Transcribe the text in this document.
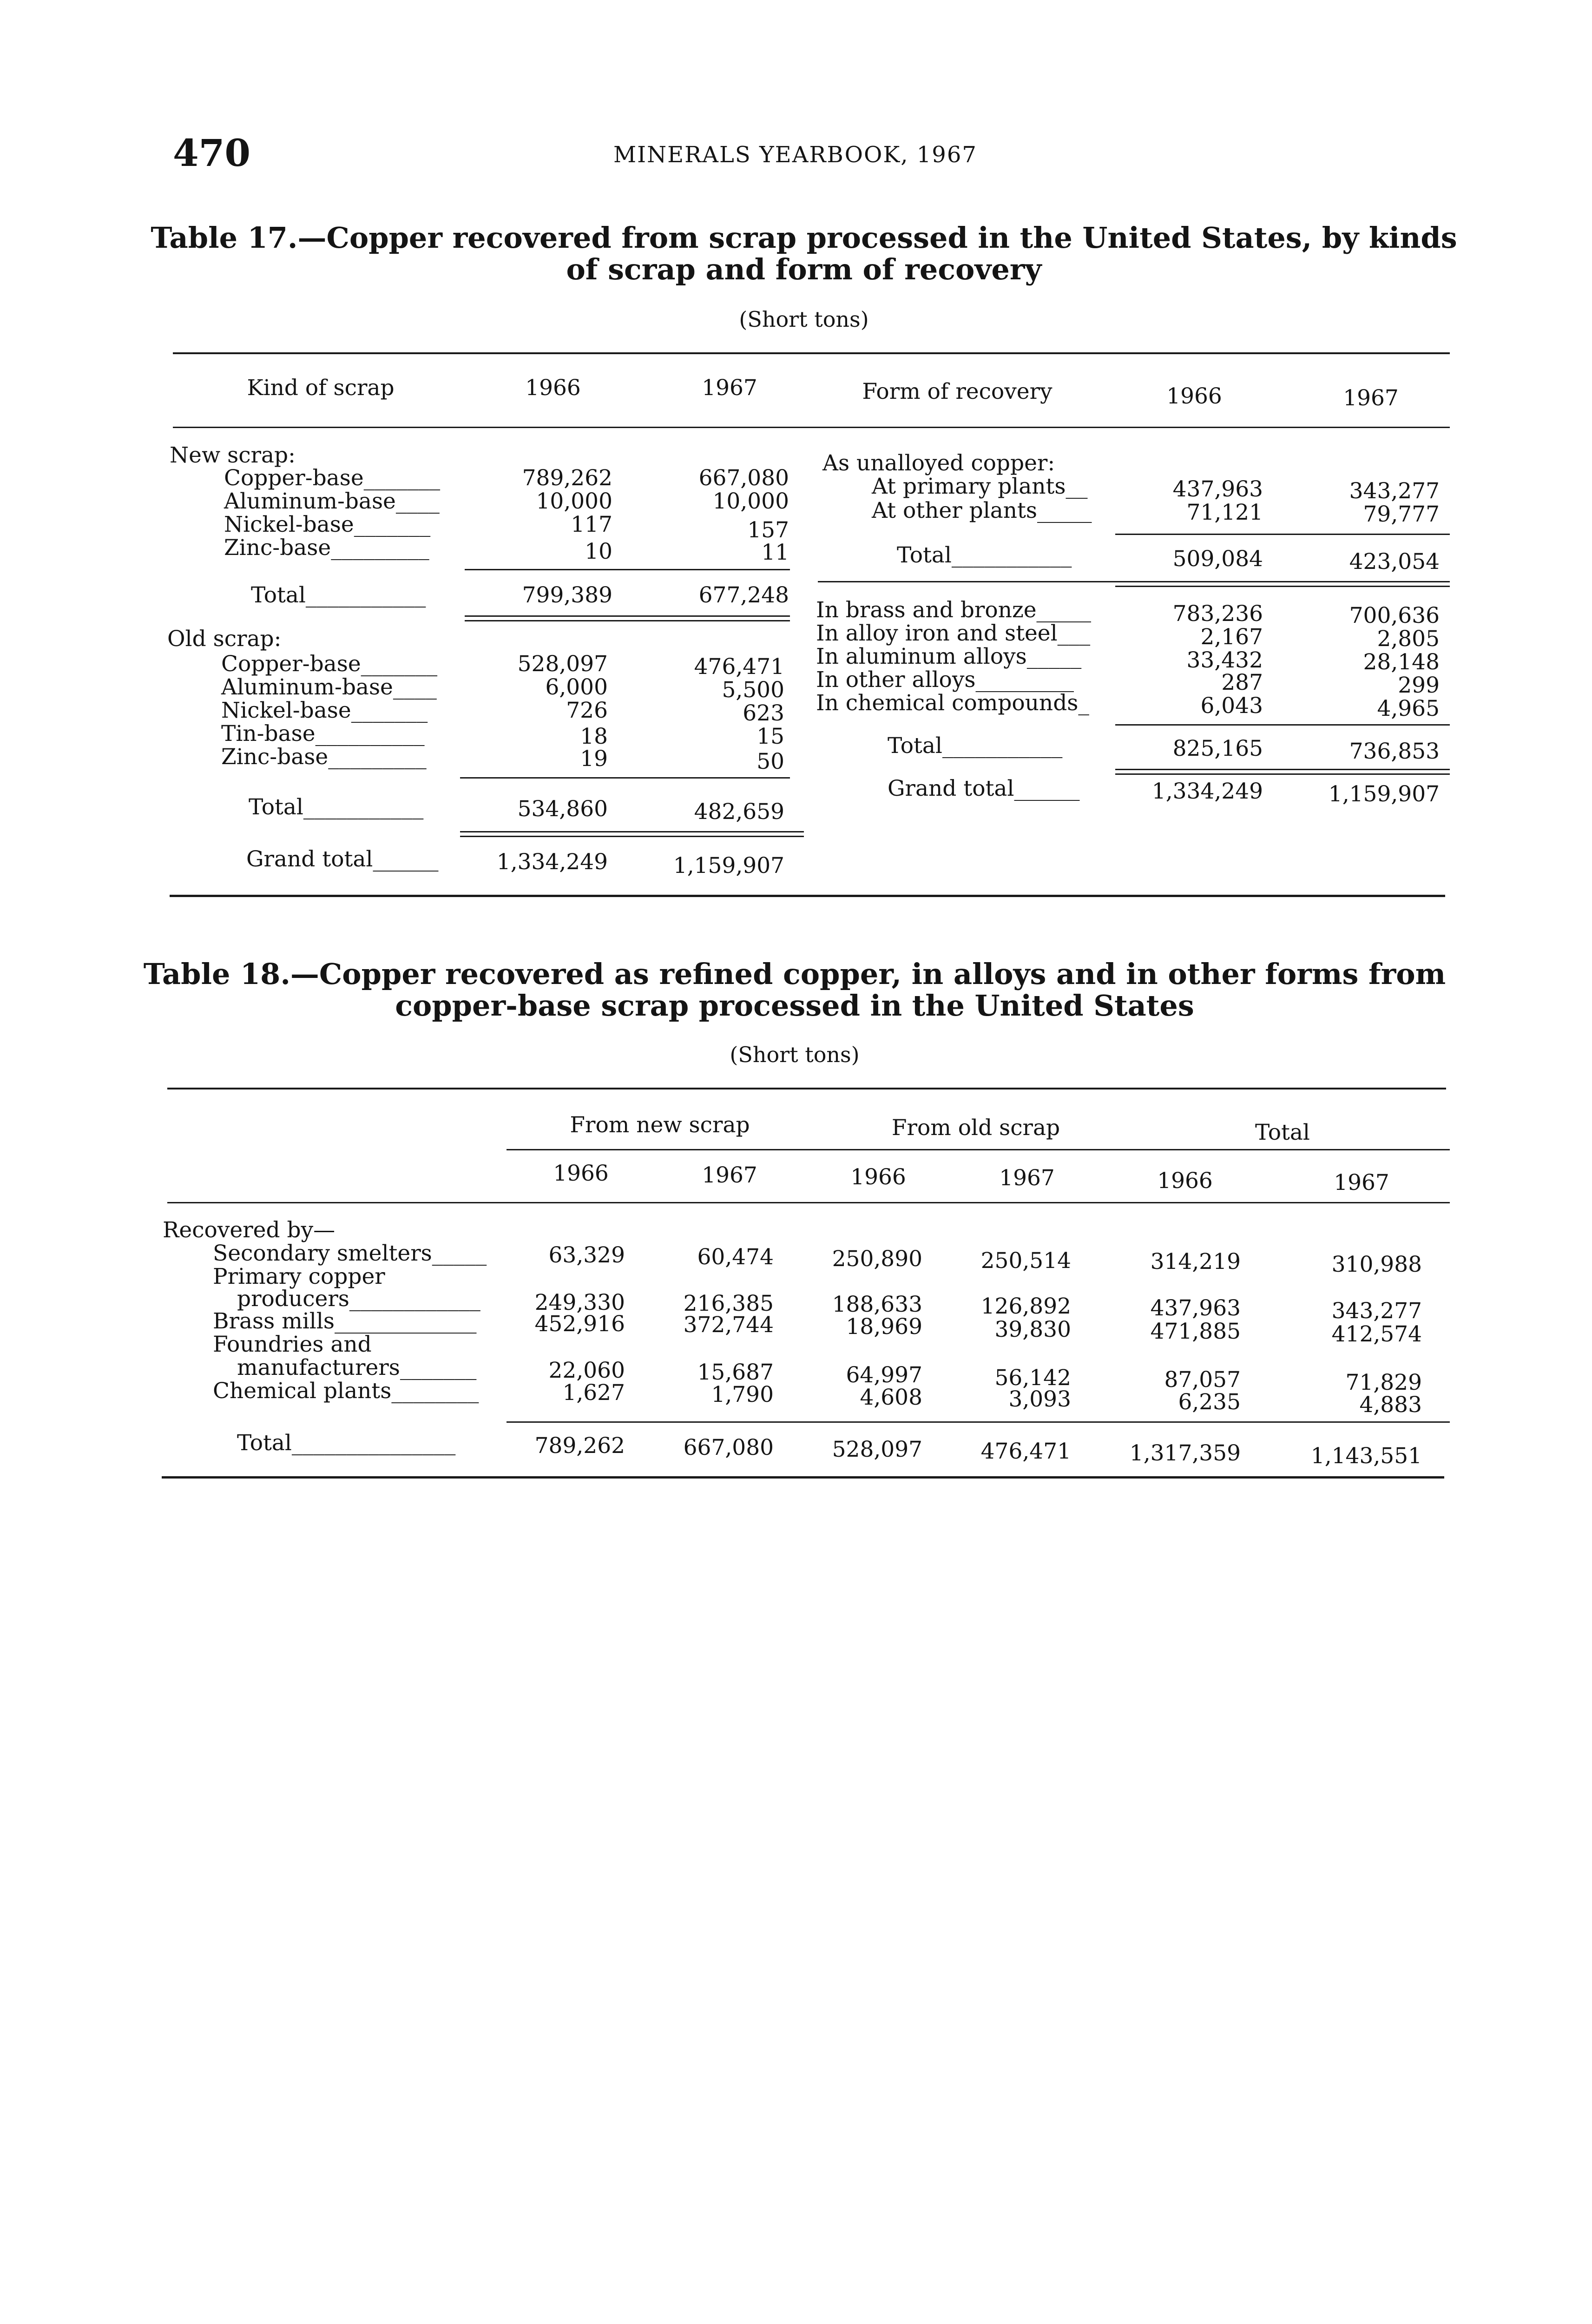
470	MINERALS YEARBOOK, 1967
Table 17.—Copper recovered from scrap processed in the United States, by kinds
of scrap and form of recovery
(Short tons)
Kind of scrap	1966	1967	Form of recovery	1966	1967
New scrap:
Copper-base_______	789,262	667,080
Aluminum-base____	10,000	10,000
Nickel-base_______	117	157
Zinc-base_________	10	11
Total___________	799,389	677,248
Old scrap:
Copper-base_______	528,097	476,471
Aluminum-base____	6,000	5,500
Nickel-base_______	726	623
Tin-base__________	18	15
Zinc-base_________	19	50
Total___________	534,860	482,659
Grand total______	1,334,249	1,159,907
As unalloyed copper:
At primary plants__	437,963	343,277
At other plants_____	71,121	79,777
Total___________	509,084	423,054
In brass and bronze_____	783,236	700,636
In alloy iron and steel___	2,167	2,805
In aluminum alloys_____	33,432	28,148
In other alloys_________	287	299
In chemical compounds_	6,043	4,965
Total___________	825,165	736,853
Grand total______	1,334,249	1,159,907
Table 18.—Copper recovered as refined copper, in alloys and in other forms from
copper-base scrap processed in the United States
(Short tons)
From new scrap	From old scrap	Total
1966	1967	1966	1967	1966	1967
Recovered by—
Secondary smelters_____	63,329	60,474	250,890	250,514	314,219	310,988
Primary copper
producers____________	249,330	216,385	188,633	126,892	437,963	343,277
Brass mills_____________	452,916	372,744	18,969	39,830	471,885	412,574
Foundries and
manufacturers_______	22,060	15,687	64,997	56,142	87,057	71,829
Chemical plants________	1,627	1,790	4,608	3,093	6,235	4,883
Total_______________	789,262	667,080	528,097	476,471	1,317,359	1,143,551
